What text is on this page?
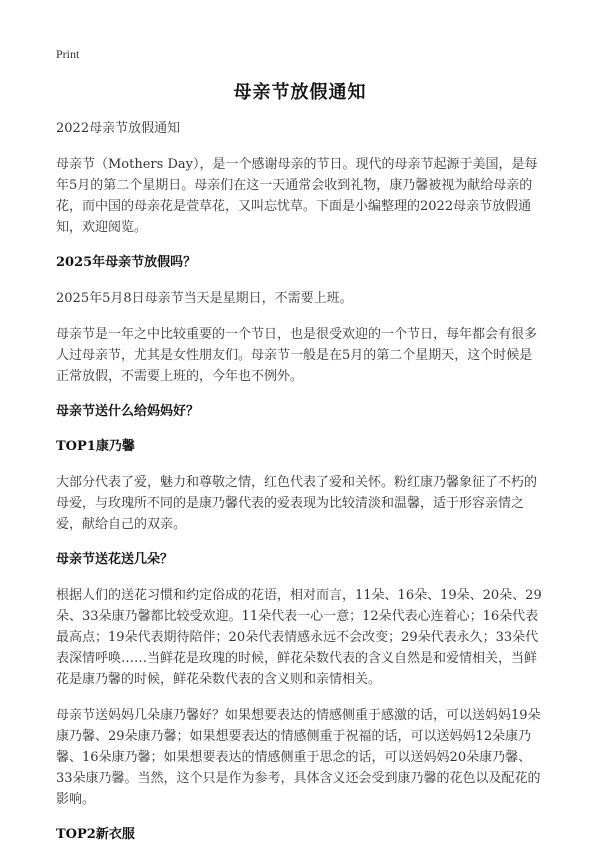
Print
母亲节放假通知

2022母亲节放假通知

母亲节（Mothers Day），是一个感谢母亲的节日。现代的母亲节起源于美国，是每年5月的第二个星期日。母亲们在这一天通常会收到礼物，康乃馨被视为献给母亲的花，而中国的母亲花是萱草花，又叫忘忧草。下面是小编整理的2022母亲节放假通知，欢迎阅览。

2025年母亲节放假吗？

2025年5月8日母亲节当天是星期日，不需要上班。

母亲节是一年之中比较重要的一个节日，也是很受欢迎的一个节日，每年都会有很多人过母亲节，尤其是女性朋友们。母亲节一般是在5月的第二个星期天，这个时候是正常放假，不需要上班的，今年也不例外。

母亲节送什么给妈妈好？
TOP1康乃馨

大部分代表了爱，魅力和尊敬之情，红色代表了爱和关怀。粉红康乃馨象征了不朽的母爱，与玫瑰所不同的是康乃馨代表的爱表现为比较清淡和温馨，适于形容亲情之爱，献给自己的双亲。

母亲节送花送几朵？

根据人们的送花习惯和约定俗成的花语，相对而言，11朵、16朵、19朵、20朵、29朵、33朵康乃馨都比较受欢迎。11朵代表一心一意；12朵代表心连着心；16朵代表最高点；19朵代表期待陪伴；20朵代表情感永远不会改变；29朵代表永久；33朵代表深情呼唤……当鲜花是玫瑰的时候，鲜花朵数代表的含义自然是和爱情相关，当鲜花是康乃馨的时候，鲜花朵数代表的含义则和亲情相关。

母亲节送妈妈几朵康乃馨好？如果想要表达的情感侧重于感激的话，可以送妈妈19朵康乃馨、29朵康乃馨；如果想要表达的情感侧重于祝福的话，可以送妈妈12朵康乃馨、16朵康乃馨；如果想要表达的情感侧重于思念的话，可以送妈妈20朵康乃馨、33朵康乃馨。当然，这个只是作为参考，具体含义还会受到康乃馨的花色以及配花的影响。

TOP2新衣服
